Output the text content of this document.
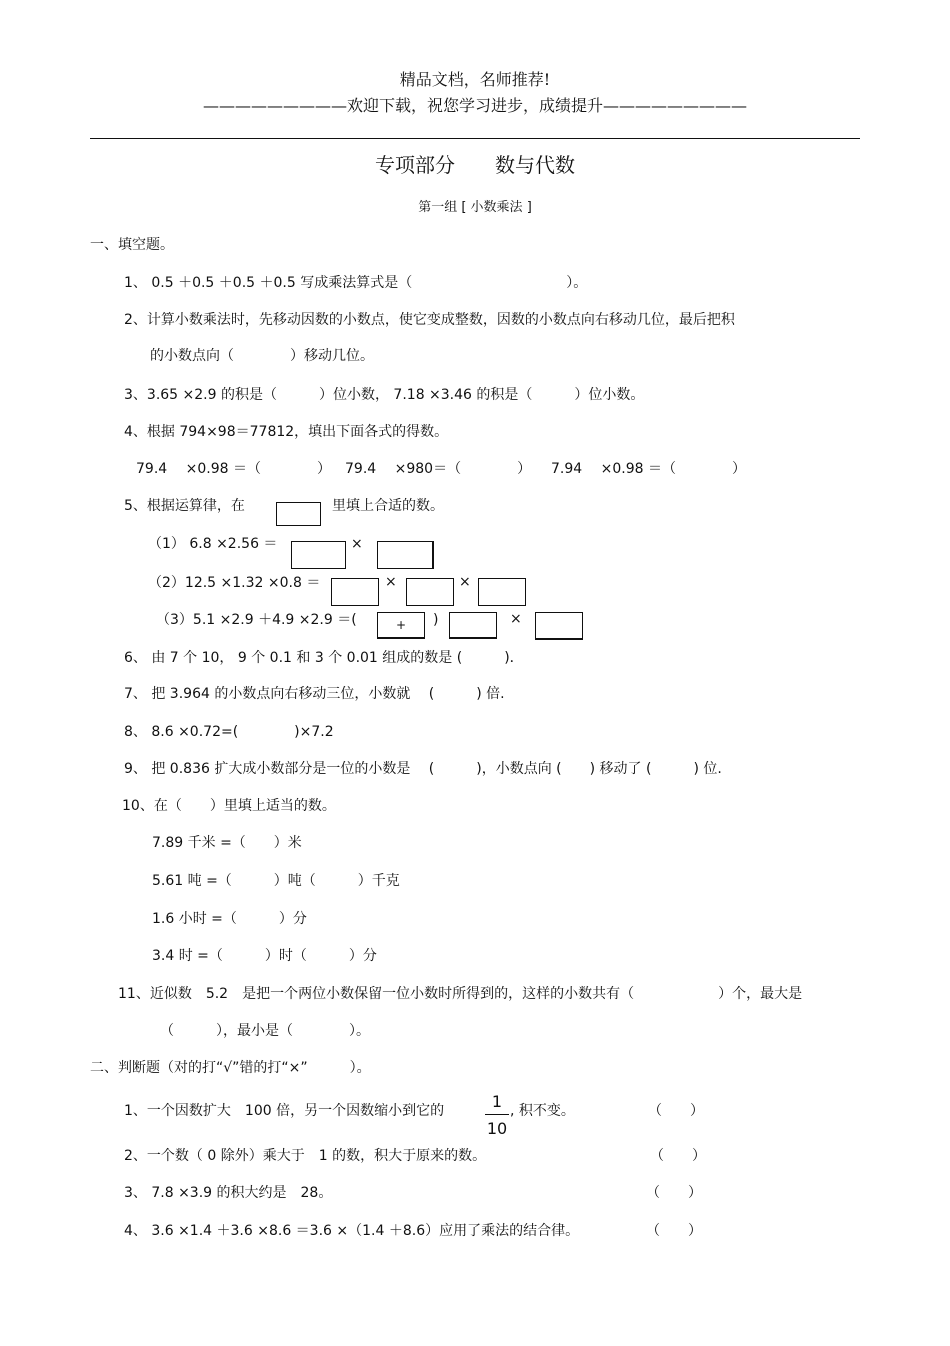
精品文档，名师推荐!
—————————欢迎下载，祝您学习进步，成绩提升—————————
专项部分　　数与代数
第一组 [ 小数乘法 ]
一、填空题。
1、 0.5 ＋0.5 ＋0.5 ＋0.5 写成乘法算式是（　　　　　　　　　　　）。
2、计算小数乘法时，先移动因数的小数点，使它变成整数，因数的小数点向右移动几位，最后把积
的小数点向（　　　　）移动几位。
3、3.65 ×2.9 的积是（　　　）位小数， 7.18 ×3.46 的积是（　　　）位小数。
4、根据 794×98＝77812，填出下面各式的得数。
79.4　 ×0.98 ＝（　　　　） 79.4　 ×980＝（　　　　） 7.94　 ×0.98 ＝（　　　　）
5、根据运算律，在	里填上合适的数。
（1） 6.8 ×2.56 ＝	×
（2）12.5 ×1.32 ×0.8 ＝	×	×
（3）5.1 ×2.9 ＋4.9 ×2.9 ＝(	+ )	×
6、 由 7 个 10， 9 个 0.1 和 3 个 0.01 组成的数是 (　　　)．
7、 把 3.964 的小数点向右移动三位，小数就　 (　　　) 倍.
8、 8.6 ×0.72=(　　　　)×7.2
9、 把 0.836 扩大成小数部分是一位的小数是　 (　　　)，小数点向 (　　) 移动了 (　　　) 位.
10、在（　　）里填上适当的数。
7.89 千米 =（　　）米
5.61 吨 =（　　　）吨（　　　）千克
1.6 小时 =（　　　）分
3.4 时 =（　　　）时（　　　）分
11、近似数　5.2　是把一个两位小数保留一位小数时所得到的，这样的小数共有（　　　　　　）个，最大是
（　　　），最小是（　　　　）。
二、判断题（对的打“√”错的打“×”　　　）。
1、一个因数扩大　100 倍，另一个因数缩小到它的	1
10
, 积不变。	（　　）
2、一个数（ 0 除外）乘大于　1 的数，积大于原来的数。	（　　）
3、 7.8 ×3.9 的积大约是　28。	（　　）
4、 3.6 ×1.4 ＋3.6 ×8.6 ＝3.6 ×（1.4 ＋8.6）应用了乘法的结合律。	（　　）
